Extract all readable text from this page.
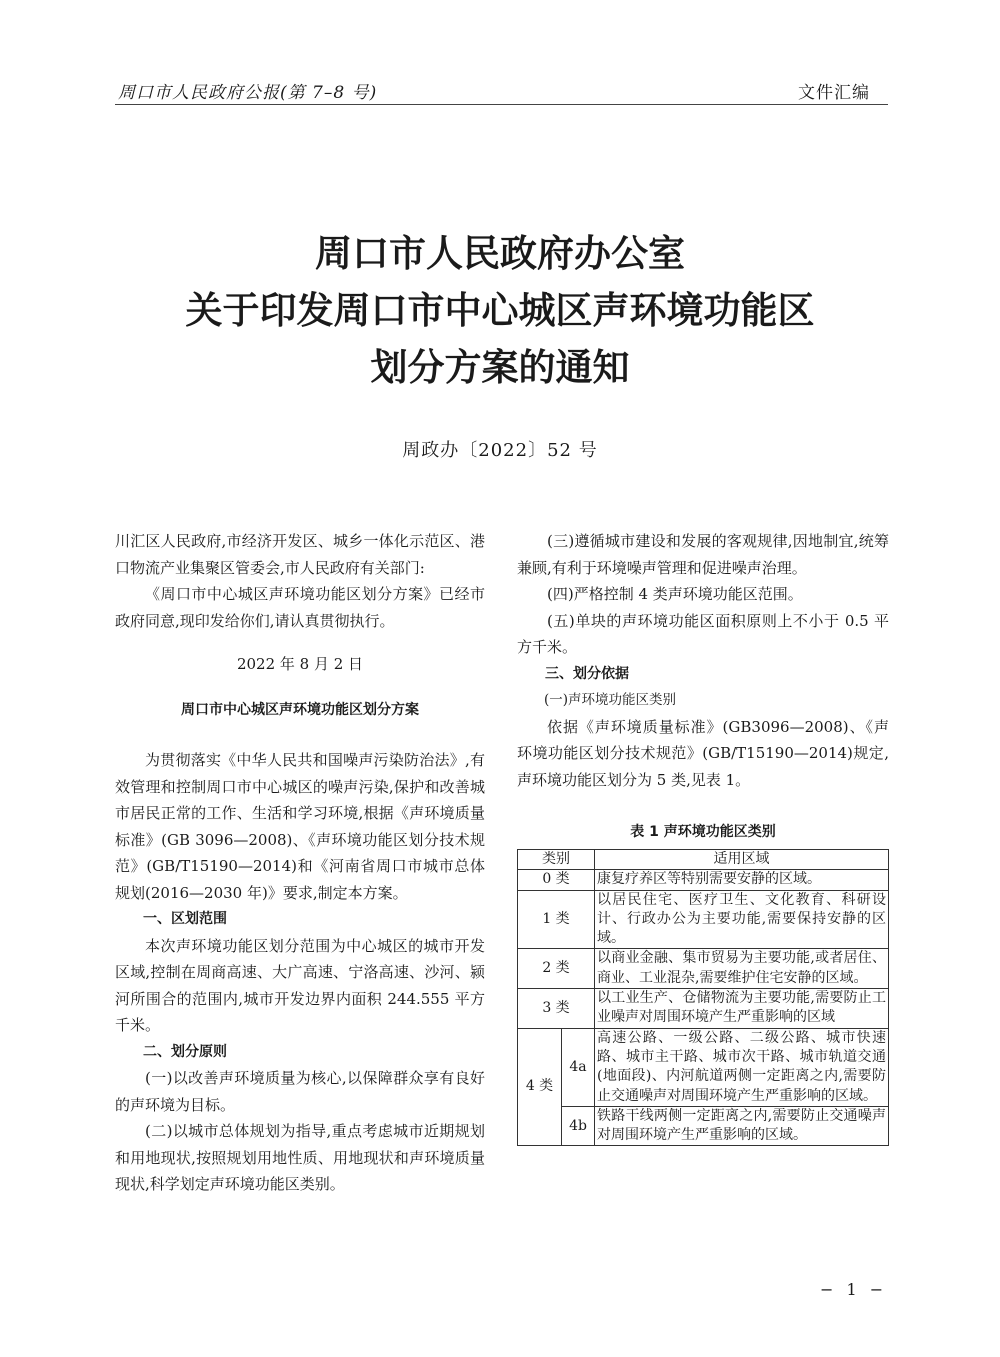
周口市人民政府公报(第 7–8 号)	文件汇编
周口市人民政府办公室
关于印发周口市中心城区声环境功能区
划分方案的通知
周政办〔2022〕52 号

川汇区人民政府,市经济开发区、城乡一体化示范区、港口物流产业集聚区管委会,市人民政府有关部门:

《周口市中心城区声环境功能区划分方案》已经市政府同意,现印发给你们,请认真贯彻执行。

2022 年 8 月 2 日

周口市中心城区声环境功能区划分方案

为贯彻落实《中华人民共和国噪声污染防治法》,有效管理和控制周口市中心城区的噪声污染,保护和改善城市居民正常的工作、生活和学习环境,根据《声环境质量标准》(GB 3096—2008)、《声环境功能区划分技术规范》(GB/T15190—2014)和《河南省周口市城市总体规划(2016—2030 年)》要求,制定本方案。

一、区划范围

本次声环境功能区划分范围为中心城区的城市开发区域,控制在周商高速、大广高速、宁洛高速、沙河、颍河所围合的范围内,城市开发边界内面积 244.555 平方千米。

二、划分原则

(一)以改善声环境质量为核心,以保障群众享有良好的声环境为目标。

(二)以城市总体规划为指导,重点考虑城市近期规划和用地现状,按照规划用地性质、用地现状和声环境质量现状,科学划定声环境功能区类别。

(三)遵循城市建设和发展的客观规律,因地制宜,统筹兼顾,有利于环境噪声管理和促进噪声治理。

(四)严格控制 4 类声环境功能区范围。

(五)单块的声环境功能区面积原则上不小于 0.5 平方千米。

三、划分依据

(一)声环境功能区类别

依据《声环境质量标准》(GB3096—2008)、《声环境功能区划分技术规范》(GB/T15190—2014)规定,声环境功能区划分为 5 类,见表 1。

表 1 声环境功能区类别
类别		适用区域
0 类		康复疗养区等特别需要安静的区域。
1 类		以居民住宅、医疗卫生、文化教育、科研设计、行政办公为主要功能,需要保持安静的区域。
2 类		以商业金融、集市贸易为主要功能,或者居住、商业、工业混杂,需要维护住宅安静的区域。
3 类		以工业生产、仓储物流为主要功能,需要防止工业噪声对周围环境产生严重影响的区域
4 类	4a	高速公路、一级公路、二级公路、城市快速路、城市主干路、城市次干路、城市轨道交通(地面段)、内河航道两侧一定距离之内,需要防止交通噪声对周围环境产生严重影响的区域。
	4b	铁路干线两侧一定距离之内,需要防止交通噪声对周围环境产生严重影响的区域。
− 1 −
